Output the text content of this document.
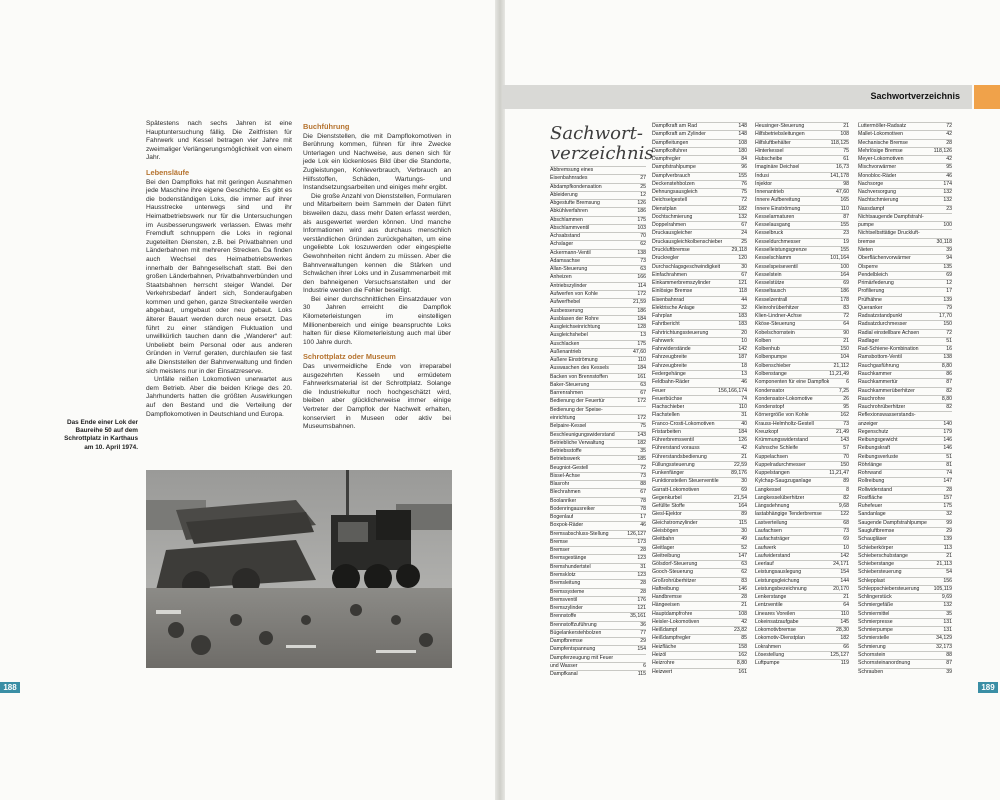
Spätestens nach sechs Jahren ist eine Hauptuntersuchung fällig. Die Zeitfristen für Fahrwerk und Kessel betragen vier Jahre mit zweimaliger Verlängerungsmöglichkeit von einem Jahr.

Lebensläufe

Bei den Dampfloks hat mit geringen Ausnahmen jede Maschine ihre eigene Geschichte. Es gibt es die bodenständigen Loks, die immer auf ihrer Hausstrecke unterwegs sind und ihr Heimatbetriebswerk nur für die Untersuchungen im Ausbesserungswerk verlassen. Etwas mehr Fremdluft schnuppern die Loks in regional zugeteilten Diensten, z.B. bei Privatbahnen und Länderbahnen mit mehreren Strecken. Da finden auch Wechsel des Heimatbetriebswerkes innerhalb der Bahngesellschaft statt. Bei den großen Länderbahnen, Privatbahnverbünden und Staatsbahnen herrscht steiger Wandel. Der Verkehrsbedarf ändert sich, Sonderaufgaben kommen und gehen, ganze Streckenteile werden abgebaut, umgebaut oder neu gebaut. Loks älterer Bauart werden durch neue ersetzt. Das führt zu einer ständigen Fluktuation und unwillkürlich tauchen dann die „Wanderer“ auf: Unbeliebt beim Personal oder aus anderen Gründen in Verruf geraten, durchlaufen sie fast alle Dienststellen der Bahnverwaltung und finden sich meistens nur in der Einsatzreserve.

Unfälle reißen Lokomotiven unerwartet aus dem Betrieb. Aber die beiden Kriege des 20. Jahrhunderts hatten die größten Auswirkungen auf den Bestand und die Verteilung der Dampflokomotiven in Deutschland und Europa.

Buchführung

Die Dienststellen, die mit Dampflokomotiven in Berührung kommen, führen für ihre Zwecke Unterlagen und Nachweise, aus denen sich für jede Lok ein lückenloses Bild über die Standorte, Zugleistungen, Kohleverbrauch, Verbrauch an Hilfsstoffen, Schäden, Wartungs- und Instandsetzungsarbeiten und einiges mehr ergibt.

Die große Anzahl von Dienststellen, Formularen und Mitarbeitern beim Sammeln der Daten führt bisweilen dazu, dass mehr Daten erfasst werden, als ausgewertet werden können. Und manche Informationen wird aus durchaus menschlich verständlichen Gründen zurückgehalten, um eine ungeliebte Lok loszuwerden oder eingespielte Gewohnheiten nicht ändern zu müssen. Aber die Bahnverwaltungen kennen die Stärken und Schwächen ihrer Loks und in Zusammenarbeit mit den bahneigenen Versuchsanstalten und der Industrie werden die Fehler beseitigt.

Bei einer durchschnittlichen Einsatzdauer von 30 Jahren erreicht die Dampflok Kilometerleistungen im einstelligen Millionenbereich und einige beanspruchte Loks halten für diese Kilometerleistung auch mal über 100 Jahre durch.

Schrottplatz oder Museum

Das unvermeidliche Ende von irreparabel ausgezehrten Kesseln und ermüdetem Fahrwerksmaterial ist der Schrottplatz. Solange die Industriekultur noch hochgeschätzt wird, bleiben aber glücklicherweise immer einige Vertreter der Dampflok der Nachwelt erhalten, konserviert in Museen oder aktiv bei Museumsbahnen.

Das Ende einer Lok der Baureihe 50 auf dem Schrottplatz in Karthaus am 10. April 1974.
188
Sachwortverzeichnis
Sachwort-
verzeichnis
Abbremsung eines
Eisenbahnrades	27
Abdampfkondensation	25
Ableiderung	12
Abgestufte Bremsung	126
Abkühlverfahren	186
Abschlammen	175
Abschlammventil	103
Achsabstand	70
Achslager	62
Ackermann-Ventil	138
Adamsachse	73
Allan-Steuerung	63
Anheizen	166
Antriebszylinder	114
Aufwerfen von Kohle	172
Aufwerfhebel	21,59
Ausbesserung	186
Ausblasen der Rohre	184
Ausgleichseinrichtung	128
Ausgleichshebel	13
Auschlacken	175
Außenantrieb	47,60
Äußere Einströmung	110
Auswaschen des Kessels	184
Backen von Brennstoffen	161
Baker-Steuerung	63
Barrenrahmen	67
Bedienung der Feuertür	172
Bedienung der Speise-
einrichtung	172
Belpaire-Kessel	75
Beschleunigungswiderstand	143
Betriebliche Verwaltung	182
Betriebsstoffe	35
Betriebswerk	185
Beugniot-Gestell	72
Bissel-Achse	73
Blasrohr	88
Blechrahmen	67
Boolanriker	78
Bodenringausreiker	78
Bogenlauf	17
Boxpok-Räder	46
Bremsabschluss-Stellung	126,127
Bremse	173
Bremser	28
Bremsgestänge	123
Bremshundertstel	31
Bremsklotz	123
Bremsleitung	28
Bremssysteme	28
Bremsventil	176
Bremszylinder	121
Brennstoffe	35,161
Brennstoffzuführung	36
Bügelankerstehbolzen	77
Dampfbremse	29
Dampfentspannung	154
Dampferzeugung mit Feuer
und Wasser	6
Dampfkanal	115
Dampfkraft am Rad	148
Dampfkraft am Zylinder	148
Dampfleitungen	108
Dampfkolfuhrer	180
Dampfregler	84
Dampfstrahlpumpe	96
Dampfverbrauch	155
Deckenstehbolzen	76
Dehnungsausgleich	75
Deichselgestell	72
Dienstplan	182
Dochtschmierung	132
Doppelrahmen	67
Druckausgleicher	24
Druckausgleichkolbenschieber	25
Druckluftbremse	29,118
Druckregler	120
Durchschlagsgeschwindigkeit	30
Einfachrahmen	67
Einkammerbremszylinder	121
Einlösige Bremse	118
Eisenbahnrad	44
Elektrische Anlage	32
Fahrplan	183
Fahrtbericht	183
Fahrtrichtungssteuerung	20
Fahrwerk	10
Fahrwiderstände	142
Fahrzeugbreite	187
Fahrzeugbreite	18
Federgehänge	13
Feldbahn-Räder	46
Feuer	156,166,174
Feuerbüchse	74
Flachschieber	110
Flachstellen	31
Franco-Crosti-Lokomotiven	40
Fristarbeiten	184
Führerbremsventil	126
Führerstand vorauss	42
Führerstandsbedienung	21
Füllungssteuerung	22,59
Funkenfänger	89,176
Funktionsteilen Steuerventile	30
Garratt-Lokomotiven	69
Gegenkurbel	21,54
Gefüllte Stoffe	164
Giesl-Ejektor	89
Gleichstromzylinder	115
Gleisbögen	30
Gleitbahn	49
Gleitlager	52
Gleitreibung	147
Gölsdorf-Steuerung	63
Gooch-Steuerung	62
Großrohrüberhitzer	83
Haftreibung	146
Handbremse	28
Hängeeisen	21
Hauptdampfrohre	108
Heisler-Lokomotiven	42
Heißdampf	23,82
Heißdampfregler	85
Heizfläche	158
Heizöl	162
Heizrohre	8,80
Heizwert	161
Heusinger-Steuerung	21
Hilfsbetriebsleitungen	108
Hilfsluftbehälter	118,125
Hinterkessel	75
Hubscheibe	61
Imaginäre Deichsel	16,73
Indusi	141,178
Injektor	98
Innenantrieb	47,60
Innere Aufbereitung	165
Innere Einströmung	110
Kesselarmaturen	87
Kesselausgang	155
Kesselbruck	23
Kesseldurchmesser	19
Kesselleistungsgrenze	155
Kesselschlamm	101,164
Kesselspeiseventil	100
Kesselstein	164
Kesselstütze	69
Kesseltausch	186
Kesselzentrall	178
Kleinrohrüberhitzer	83
Klien-Lindner-Achse	72
Kköse-Steuerung	64
Kobelschornstein	90
Kolben	21
Kolbenhub	150
Kolbenpumpe	104
Kolbenschieber	21,112
Kolbenstange	11,21,49
Komponenten für eine Dampflok	6
Kondensator	7,25
Kondensator-Lokomotive	26
Kondenstopf	95
Körnergröße von Kohle	162
Krauss-Helmholtz-Gestell	73
Kreuzkopf	21,49
Krümmungswiderstand	143
Kuhnsche Schleife	57
Kuppelachsen	70
Kuppelradurchmesser	150
Kuppelstangen	11,21,47
Kylchap-Saugzuganlage	89
Langkessel	8
Langkesselüberhitzer	82
Längsdehnung	9,68
lastabhängige Tenderbremse	122
Lastverteilung	68
Laufachsen	73
Laufachsträger	69
Laufwerk	10
Laufwiderstand	142
Leerlauf	24,171
Leistungsauslegung	154
Leistungsgleichung	144
Leistungsbezeichnung	20,170
Lenkerstange	21
Lentzventile	64
Lineares Voreilen	110
Lokeinsatzaufgabe	145
Lokomotivbremse	28,30
Lokomotiv-Dienstplan	182
Lokrahmen	66
Lösestellung	125,127
Luftpumpe	119
Luttermöller-Radsatz	72
Mallet-Lokomotiven	42
Mechanische Bremse	28
Mehrlösige Bremse	118,126
Meyer-Lokomotiven	42
Mischvorwärmer	95
Monobloc-Räder	46
Nachsorge	174
Nachversorgung	132
Nachtschmierung	132
Nassdampf	23
Nichtsaugende Dampfstrahl-
pumpe	100
Nichtselbsttätige Druckluft-
bremse	30,118
Nieten	39
Oberflächenvorwärmer	94
Ölsperre	135
Pendelbleich	69
Primärfederung	12
Profilierung	17
Prüfhähne	139
Queranker	79
Radsatzstandpunkt	17,70
Radsatzdurchmesser	150
Radial einstellbare Achsen	72
Radlager	51
Rad-Schiene-Kombination	16
Ramsbottom-Ventil	138
Rauchgasführung	8,80
Rauchkammer	86
Rauchkammertür	87
Rauchkammerüberhitzer	82
Rauchrohre	8,80
Rauchrohrüberhitzer	82
Reflexionswasserstands-
anzeiger	140
Regenschutz	179
Reibungsgewicht	146
Reibungskraft	146
Reibungsverluste	51
Röhrlänge	81
Rohrwand	74
Rollreibung	147
Rollwiderstand	28
Rostfläche	157
Ruhefeuer	175
Sandanlage	32
Saugende Dampfstrahlpumpe	99
Saugluftbremse	29
Schaugläser	139
Schieberkörper	113
Schieberschubstange	21
Schieberstange	21,113
Schiebersteuerung	54
Schlepplast	156
Schleppschiebersteuerung	105,119
Schlingerstück	9,69
Schmiergefäße	132
Schmiermittel	35
Schmierpresse	131
Schmierpumpe	131
Schmierstelle	34,129
Schmierung	32,173
Schornstein	88
Schornsteinanordnung	87
Schrauben	39
189
